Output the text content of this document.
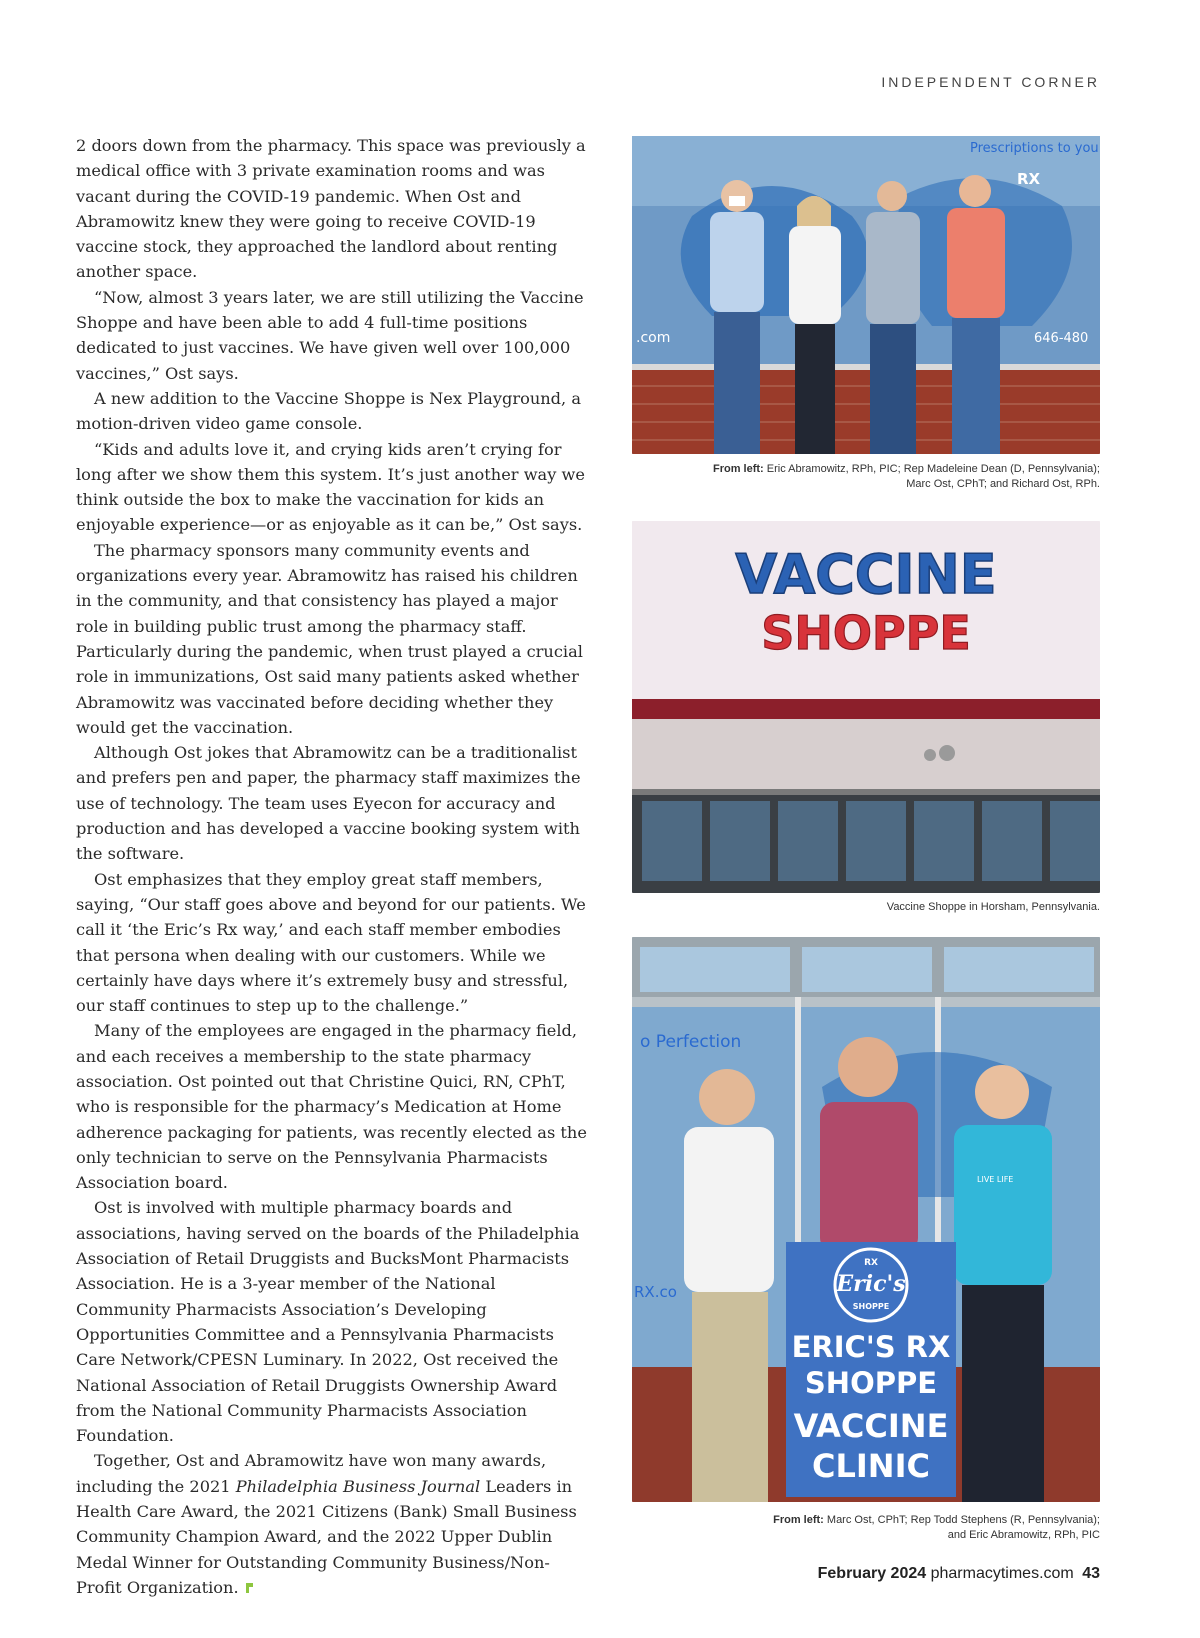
INDEPENDENT CORNER

2 doors down from the pharmacy. This space was previously a medical office with 3 private examination rooms and was vacant during the COVID-19 pandemic. When Ost and Abramowitz knew they were going to receive COVID-19 vaccine stock, they approached the landlord about renting another space.

“Now, almost 3 years later, we are still utilizing the Vaccine Shoppe and have been able to add 4 full-time positions dedicated to just vaccines. We have given well over 100,000 vaccines,” Ost says.

A new addition to the Vaccine Shoppe is Nex Playground, a motion-driven video game console.

“Kids and adults love it, and crying kids aren’t crying for long after we show them this system. It’s just another way we think outside the box to make the vaccination for kids an enjoyable experience—or as enjoyable as it can be,” Ost says.

The pharmacy sponsors many community events and organizations every year. Abramowitz has raised his children in the community, and that consistency has played a major role in building public trust among the pharmacy staff. Particularly during the pandemic, when trust played a crucial role in immunizations, Ost said many patients asked whether Abramowitz was vaccinated before deciding whether they would get the vaccination.

Although Ost jokes that Abramowitz can be a traditionalist and prefers pen and paper, the pharmacy staff maximizes the use of technology. The team uses Eyecon for accuracy and production and has developed a vaccine booking system with the software.

Ost emphasizes that they employ great staff members, saying, “Our staff goes above and beyond for our patients. We call it ‘the Eric’s Rx way,’ and each staff member embodies that persona when dealing with our customers. While we certainly have days where it’s extremely busy and stressful, our staff continues to step up to the challenge.”

Many of the employees are engaged in the pharmacy field, and each receives a membership to the state pharmacy association. Ost pointed out that Christine Quici, RN, CPhT, who is responsible for the pharmacy’s Medication at Home adherence packaging for patients, was recently elected as the only technician to serve on the Pennsylvania Pharmacists Association board.

Ost is involved with multiple pharmacy boards and associations, having served on the boards of the Philadelphia Association of Retail Druggists and BucksMont Pharmacists Association. He is a 3-year member of the National Community Pharmacists Association’s Developing Opportunities Committee and a Pennsylvania Pharmacists Care Network/CPESN Luminary. In 2022, Ost received the National Association of Retail Druggists Ownership Award from the National Community Pharmacists Association Foundation.

Together, Ost and Abramowitz have won many awards, including the 2021 Philadelphia Business Journal Leaders in Health Care Award, the 2021 Citizens (Bank) Small Business Community Champion Award, and the 2022 Upper Dublin Medal Winner for Outstanding Community Business/Non-Profit Organization.

Prescriptions to you
RX
.com	646-480
From left: Eric Abramowitz, RPh, PIC; Rep Madeleine Dean (D, Pennsylvania);
Marc Ost, CPhT; and Richard Ost, RPh.
VACCINE
SHOPPE
Vaccine Shoppe in Horsham, Pennsylvania.
o Perfection
RX.co
LIVE LIFE
RX
Eric's
SHOPPE
ERIC'S RX
SHOPPE
VACCINE
CLINIC
From left: Marc Ost, CPhT; Rep Todd Stephens (R, Pennsylvania);
and Eric Abramowitz, RPh, PIC
February 2024 pharmacytimes.com 43
